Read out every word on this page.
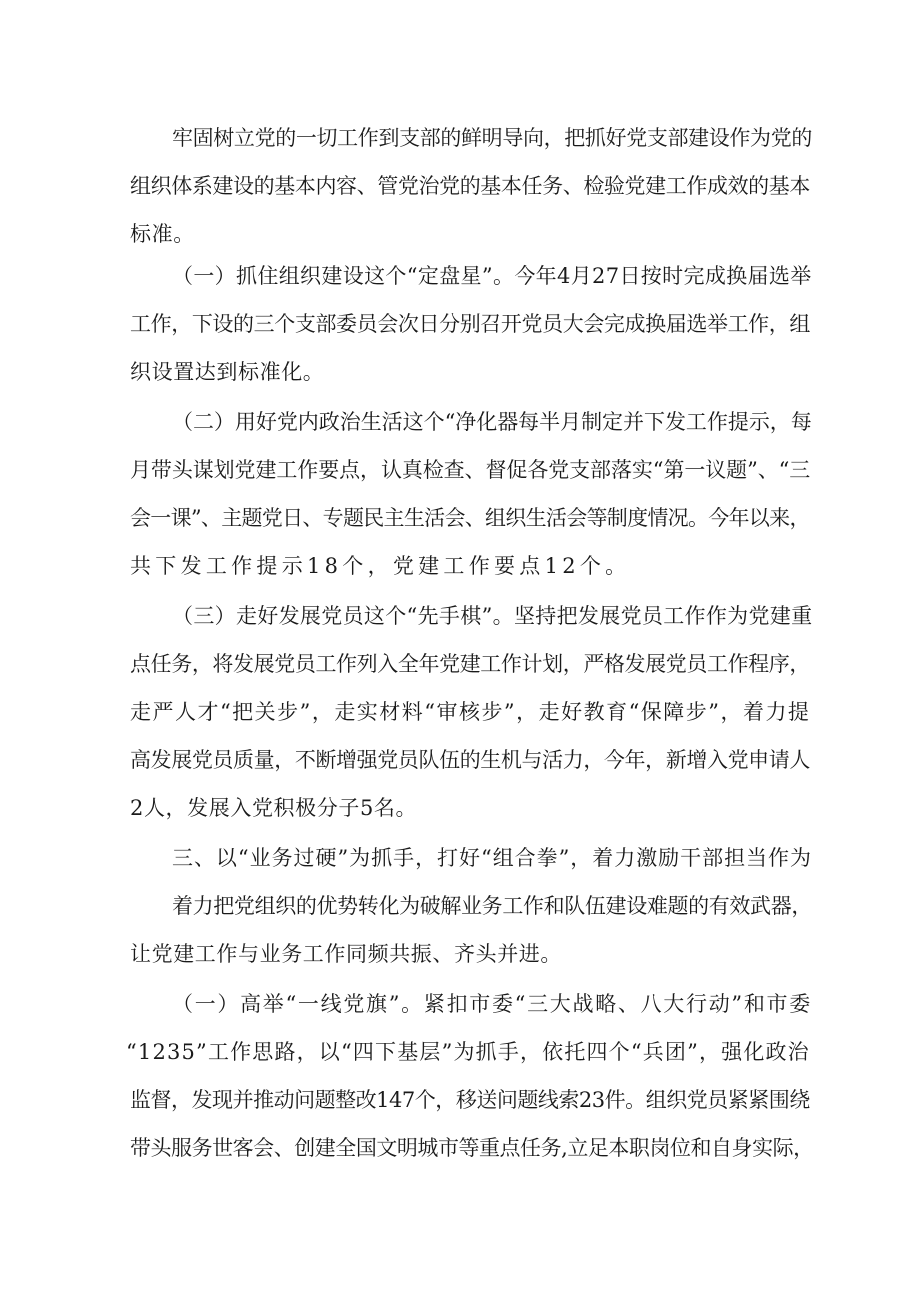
牢固树立党的一切工作到支部的鲜明导向，把抓好党支部建设作为党的
组织体系建设的基本内容、管党治党的基本任务、检验党建工作成效的基本
标准。
（一）抓住组织建设这个“定盘星”。今年4月27日按时完成换届选举
工作，下设的三个支部委员会次日分别召开党员大会完成换届选举工作，组
织设置达到标准化。
（二）用好党内政治生活这个“净化器每半月制定并下发工作提示，每
月带头谋划党建工作要点，认真检查、督促各党支部落实“第一议题”、“三
会一课”、主题党日、专题民主生活会、组织生活会等制度情况。今年以来，
共下发工作提示18个，党建工作要点12个。
（三）走好发展党员这个“先手棋”。坚持把发展党员工作作为党建重
点任务，将发展党员工作列入全年党建工作计划，严格发展党员工作程序，
走严人才“把关步”，走实材料“审核步”，走好教育“保障步”，着力提
高发展党员质量，不断增强党员队伍的生机与活力，今年，新增入党申请人
2人，发展入党积极分子5名。
三、以“业务过硬”为抓手，打好“组合拳”，着力激励干部担当作为
着力把党组织的优势转化为破解业务工作和队伍建设难题的有效武器，
让党建工作与业务工作同频共振、齐头并进。
（一）高举“一线党旗”。紧扣市委“三大战略、八大行动”和市委
“1235”工作思路，以“四下基层”为抓手，依托四个“兵团”，强化政治
监督，发现并推动问题整改147个，移送问题线索23件。组织党员紧紧围绕
带头服务世客会、创建全国文明城市等重点任务,立足本职岗位和自身实际，
